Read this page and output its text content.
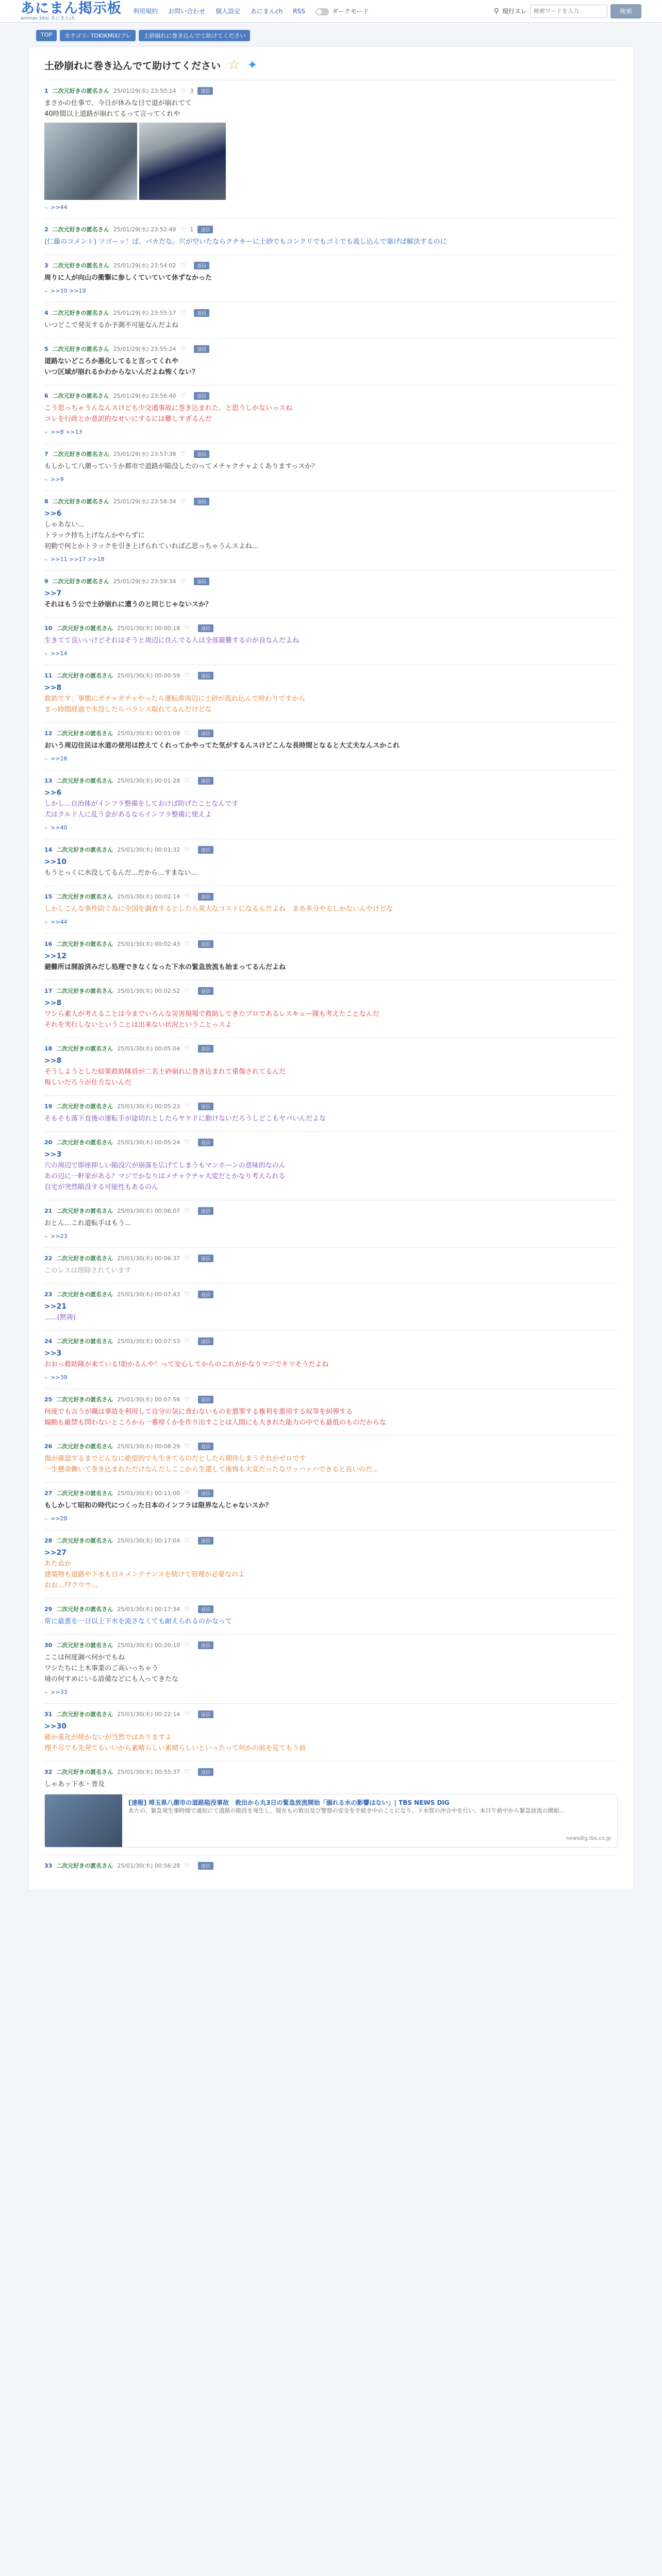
あにまん掲示板
animan bbs/ あにまんch
利用規約 お問い合わせ 個人設定 あにまんch RSS	ダークモード	⚲ 現行スレ
検索ワードを入力	検索
TOP	カテゴリ: TOKIKMIX/プレ	土砂崩れに巻き込んでて助けてください
土砂崩れに巻き込んでて助けてください ☆ ✦
1 二次元好きの匿名さん 25/01/29(水) 23:50:14 ♡ 3	返信
まさかの仕事で、今日が休みな日で道が崩れてて
40時間以上道路が崩れてるって言ってくれや
⤷ >>44
2 二次元好きの匿名さん 25/01/29(水) 23:52:49 ♡ 1	返信
(仁藤のコメント) ソゴーッ！ば、バカだな。穴が空いたならクチキーに土砂でもコンクリでもゴミでも流し込んで塞げば解決するのに
3 二次元好きの匿名さん 25/01/29(水) 23:54:02 ♡	返信
周りに人が向山の衝撃に参しくていていて休ずなかった
⤷ >>10 >>19
4 二次元好きの匿名さん 25/01/29(水) 23:55:17 ♡	返信
いつどこで発災するか予測不可能なんだよね
5 二次元好きの匿名さん 25/01/29(水) 23:55:24 ♡	返信
道路ないどころか悪化してると言ってくれや
いつ区域が崩れるかわからないんだよね怖くない？
6 二次元好きの匿名さん 25/01/29(水) 23:56:40 ♡	返信
こう思っちゃうんなんスけども少交通事故に巻き込まれた、と思うしかないっスね
コレを行政とか意訳的なせいにするには難しすぎるんだ
⤷ >>8 >>13
7 二次元好きの匿名さん 25/01/29(水) 23:57:38 ♡	返信
もしかして八潮っていうか都市で道路が陥没したのってメチャクチャよくありますっスか？
⤷ >>9
8 二次元好きの匿名さん 25/01/29(水) 23:58:34 ♡	返信
>>6
しゃあない...
トラック持ち上げなんかやらずに
初動で何とかトラックを引き上げられていれば乙思っちゃうんスよね...
⤷ >>11 >>17 >>18
9 二次元好きの匿名さん 25/01/29(水) 23:59:34 ♡	返信
>>7
それはもう公で土砂崩れに遭うのと同じじゃないスか？
10 二次元好きの匿名さん 25/01/30(木) 00:00:18 ♡	返信
生きてて良いいけどそれはそうと周辺に住んでる人は全部避難するのが良なんだよね
⤷ >>14
11 二次元好きの匿名さん 25/01/30(木) 00:00:59 ♡	返信
>>8
救助です：事態にガチャガチャやったら運転席周辺に土砂が流れ込んで終わりですから
まっ時間経過で水没したらバランス取れてるんだけどな
12 二次元好きの匿名さん 25/01/30(木) 00:01:08 ♡	返信
おいう周辺住民は水道の使用は控えてくれってかやってた気がするんスけどこんな長時間となると大丈夫なんスかこれ
⤷ >>16
13 二次元好きの匿名さん 25/01/30(木) 00:01:28 ♡	返信
>>6
しかし...自治体がインフラ整備をしておけば防げたことなんです
犬はクルド人に乱う金があるならインフラ整備に使えよ
⤷ >>40
14 二次元好きの匿名さん 25/01/30(木) 00:01:32 ♡	返信
>>10
もうとっくに水没してるんだ...だから...すまない...
15 二次元好きの匿名さん 25/01/30(木) 00:02:14 ♡	返信
しかしこんな事件防ぐ為に全国を調査するとしたら莫大なコストになるんだよね　まあ多分やるしかないんやけどな
⤷ >>44
16 二次元好きの匿名さん 25/01/30(木) 00:02:43 ♡	返信
>>12
避難所は開設済みだし処理できなくなった下水の緊急放流も始まってるんだよね
17 二次元好きの匿名さん 25/01/30(木) 00:02:52 ♡	返信
>>8
ワシら素人が考えることは今までいろんな災害現場で救助してきたプロであるレスキュー隊も考えたことなんだ
それを実行しないということは出来ない状況ということっスよ
18 二次元好きの匿名さん 25/01/30(木) 00:05:04 ♡	返信
>>8
そうしようとした結果救助隊員が二名土砂崩れに巻き込まれて重傷されてるんだ
悔しいだろうが仕方ないんだ
19 二次元好きの匿名さん 25/01/30(木) 00:05:23 ♡	返信
そもそも落下直後の運転手が途切れとしたらヤケドに動けないだろうしどこもヤバいんだよな
20 二次元好きの匿名さん 25/01/30(木) 00:05:24 ♡	返信
>>3
穴の周辺で即座抑しい陥没穴が崩落を広げてしまうもマンホーンの意味的なのん
あの辺に一軒家がある？マジでかなりはメチャクチャ大変だとかなり考えられる
自宅が突然陥没する可能性もあるのん
21 二次元好きの匿名さん 25/01/30(木) 00:06:07 ♡	返信
おとん…これ道転手はもう...
⤷ >>23
22 二次元好きの匿名さん 25/01/30(木) 00:06:37 ♡	返信
このレスは削除されています
23 二次元好きの匿名さん 25/01/30(木) 00:07:43 ♡	返信
>>21
......(黙祷)
24 二次元好きの匿名さん 25/01/30(木) 00:07:53 ♡	返信
>>3
おおっ救助隊が来ている!助かるんや！って安心してからのこれがかなりマジでキツそうだよね
⤷ >>39
25 二次元好きの匿名さん 25/01/30(木) 00:07:56 ♡	返信
何度でも言うが職は事故を利用して自分の気に食わないものを悪罪する権利を悪用する奴等を糾弾する
煽動も厳禁も問わないところから一番厚くかを作り出すことは人間にも大きれた能力の中でも最低のものだからな
26 二次元好きの匿名さん 25/01/30(木) 00:08:29 ♡	返信
傷が確認するまでどんなに絶望的でも生きてるのだとしたら期待しまうそれがゼロです
一生懸命働いて巻き込まれただけなんだしここから生還して後悔も大変だったなワッハッハできると良いのだ...
27 二次元好きの匿名さん 25/01/30(木) 00:11:00 ♡	返信
もしかして昭和の時代につくった日本のインフラは限界なんじゃないスか？
⤷ >>28
28 二次元好きの匿名さん 25/01/30(木) 00:17:04 ♡	返信
>>27
あたぬか
建築物も道路や下水も日々メンテナンスを続けて管理が必要なのよ
おお...??クウウ...
29 二次元好きの匿名さん 25/01/30(木) 00:17:34 ♡	返信
常に最悪を一日以上下水を流さなくても耐えられるのかなって
30 二次元好きの匿名さん 25/01/30(木) 00:20:10 ♡	返信
ここは何度調べ何かでもね
ワシたちに土木事業のご高いっちゃう
境の何すめにいる設備などにも入ってきたな
⤷ >>33
31 二次元好きの匿名さん 25/01/30(木) 00:22:14 ♡	返信
>>30
確か重化が続かないが当然ではありますよ
理不尽でも先発てもいいから素晴らしい素晴らしいといったって何かの前を見てもう前
32 二次元好きの匿名さん 25/01/30(木) 00:55:37 ♡	返信
しゃあッ下水・普及
[速報] 埼玉県八潮市の道路陥没事故　救出から丸3日の緊急放流開始「溺れる水の影響はない」| TBS NEWS DIG
あたの、緊急発生事時間で通知にて道路の陥没を発生し、現在もの救出及び警察の安全を手続き中のことになり、下水管の沖合中を行い、本日午前中から緊急放流の開始…
newsdig.tbs.co.jp
33 二次元好きの匿名さん 25/01/30(木) 00:56:28 ♡	返信
